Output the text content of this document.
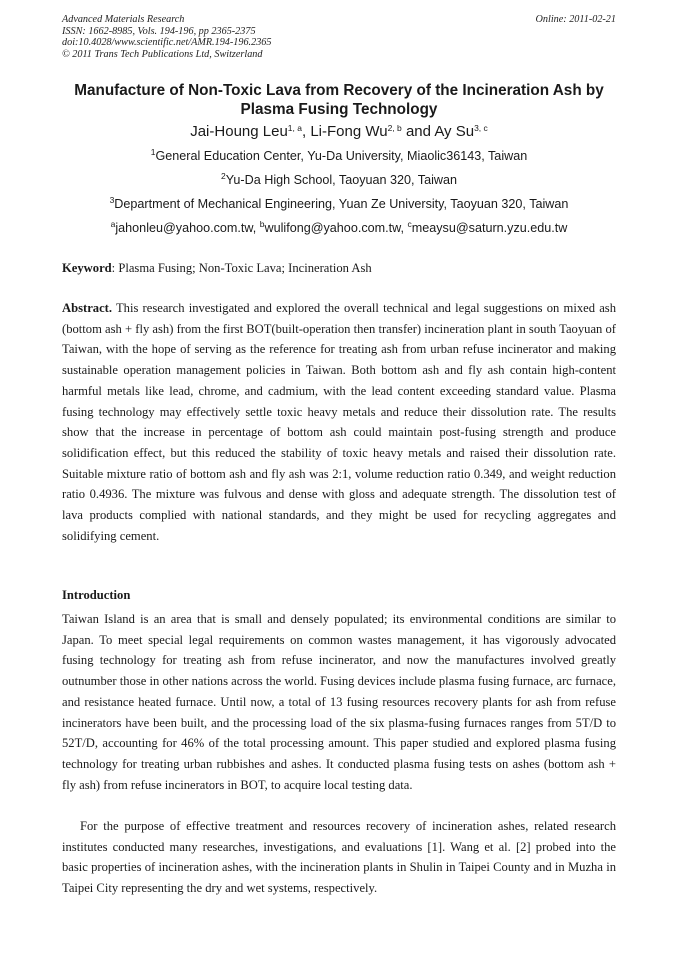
Advanced Materials Research
ISSN: 1662-8985, Vols. 194-196, pp 2365-2375
doi:10.4028/www.scientific.net/AMR.194-196.2365
© 2011 Trans Tech Publications Ltd, Switzerland
Online: 2011-02-21
Manufacture of Non-Toxic Lava from Recovery of the Incineration Ash by
Plasma Fusing Technology
Jai-Houng Leu$^{1, a}$, Li-Fong Wu$^{2, b}$ and Ay Su$^{3, c}$
$^1$General Education Center, Yu-Da University, Miaolic36143, Taiwan
$^2$Yu-Da High School, Taoyuan 320, Taiwan
$^3$Department of Mechanical Engineering, Yuan Ze University, Taoyuan 320, Taiwan
$^a$jahonleu@yahoo.com.tw, $^b$wulifong@yahoo.com.tw, $^c$meaysu@saturn.yzu.edu.tw
Keyword: Plasma Fusing; Non-Toxic Lava; Incineration Ash
Abstract. This research investigated and explored the overall technical and legal suggestions on mixed ash (bottom ash + fly ash) from the first BOT(built-operation then transfer) incineration plant in south Taoyuan of Taiwan, with the hope of serving as the reference for treating ash from urban refuse incinerator and making sustainable operation management policies in Taiwan. Both bottom ash and fly ash contain high-content harmful metals like lead, chrome, and cadmium, with the lead content exceeding standard value. Plasma fusing technology may effectively settle toxic heavy metals and reduce their dissolution rate. The results show that the increase in percentage of bottom ash could maintain post-fusing strength and produce solidification effect, but this reduced the stability of toxic heavy metals and raised their dissolution rate. Suitable mixture ratio of bottom ash and fly ash was 2:1, volume reduction ratio 0.349, and weight reduction ratio 0.4936. The mixture was fulvous and dense with gloss and adequate strength. The dissolution test of lava products complied with national standards, and they might be used for recycling aggregates and solidifying cement.
Introduction
Taiwan Island is an area that is small and densely populated; its environmental conditions are similar to Japan. To meet special legal requirements on common wastes management, it has vigorously advocated fusing technology for treating ash from refuse incinerator, and now the manufactures involved greatly outnumber those in other nations across the world. Fusing devices include plasma fusing furnace, arc furnace, and resistance heated furnace. Until now, a total of 13 fusing resources recovery plants for ash from refuse incinerators have been built, and the processing load of the six plasma-fusing furnaces ranges from 5T/D to 52T/D, accounting for 46% of the total processing amount. This paper studied and explored plasma fusing technology for treating urban rubbishes and ashes. It conducted plasma fusing tests on ashes (bottom ash + fly ash) from refuse incinerators in BOT, to acquire local testing data.
For the purpose of effective treatment and resources recovery of incineration ashes, related research institutes conducted many researches, investigations, and evaluations [1]. Wang et al. [2] probed into the basic properties of incineration ashes, with the incineration plants in Shulin in Taipei County and in Muzha in Taipei City representing the dry and wet systems, respectively.
